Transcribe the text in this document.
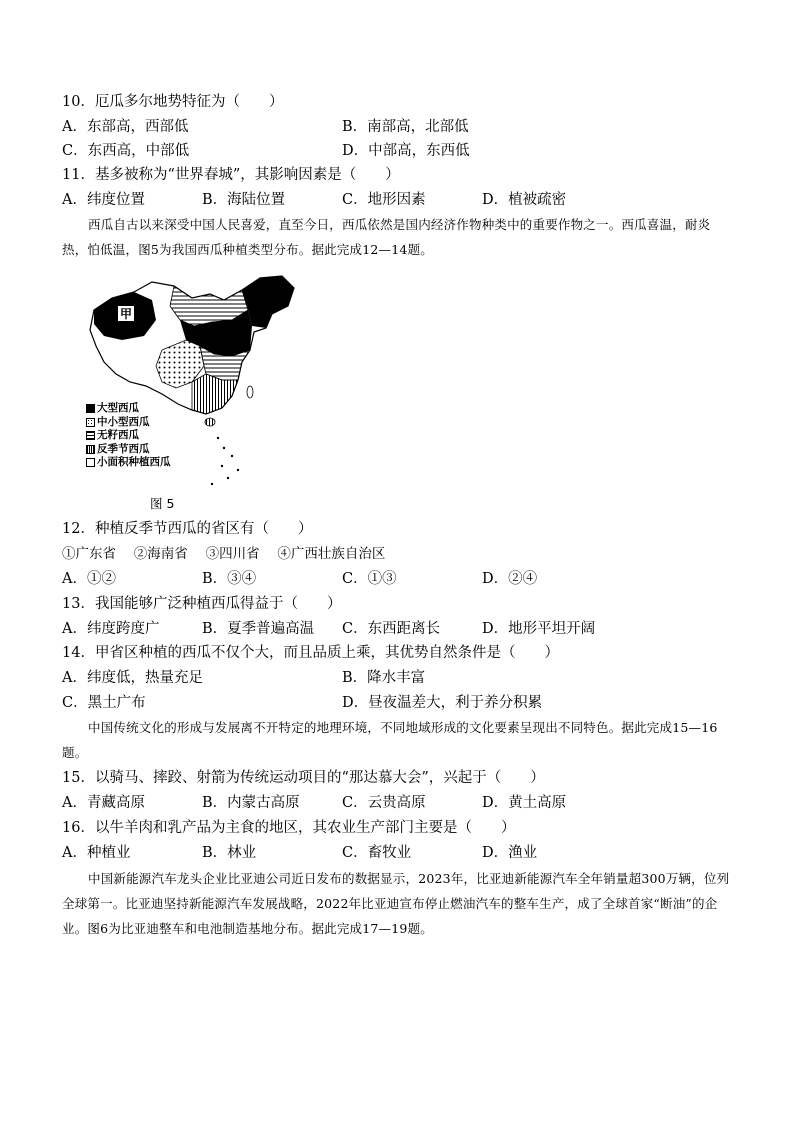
10．厄瓜多尔地势特征为（　　）
A．东部高，西部低	B．南部高，北部低
C．东西高，中部低	D．中部高，东西低
11．基多被称为“世界春城”，其影响因素是（　　）
A．纬度位置	B．海陆位置	C．地形因素	D．植被疏密
西瓜自古以来深受中国人民喜爱，直至今日，西瓜依然是国内经济作物种类中的重要作物之一。西瓜喜温，耐炎热，怕低温，图5为我国西瓜种植类型分布。据此完成12—14题。
甲
大型西瓜
中小型西瓜
无籽西瓜
反季节西瓜
小面积种植西瓜
图 5
12．种植反季节西瓜的省区有（　　）
①广东省　 ②海南省　 ③四川省　 ④广西壮族自治区
A．①②	B．③④	C．①③	D．②④
13．我国能够广泛种植西瓜得益于（　　）
A．纬度跨度广	B．夏季普遍高温 C．东西距离长	D．地形平坦开阔
14．甲省区种植的西瓜不仅个大，而且品质上乘，其优势自然条件是（　　）
A．纬度低，热量充足	B．降水丰富
C．黑土广布	D．昼夜温差大，利于养分积累
中国传统文化的形成与发展离不开特定的地理环境，不同地域形成的文化要素呈现出不同特色。据此完成15—16题。
15．以骑马、摔跤、射箭为传统运动项目的“那达慕大会”，兴起于（　　）
A．青藏高原	B．内蒙古高原	C．云贵高原	D．黄土高原
16．以牛羊肉和乳产品为主食的地区，其农业生产部门主要是（　　）
A．种植业	B．林业	C．畜牧业	D．渔业
中国新能源汽车龙头企业比亚迪公司近日发布的数据显示，2023年，比亚迪新能源汽车全年销量超300万辆，位列全球第一。比亚迪坚持新能源汽车发展战略，2022年比亚迪宣布停止燃油汽车的整车生产，成了全球首家“断油”的企业。图6为比亚迪整车和电池制造基地分布。据此完成17—19题。
